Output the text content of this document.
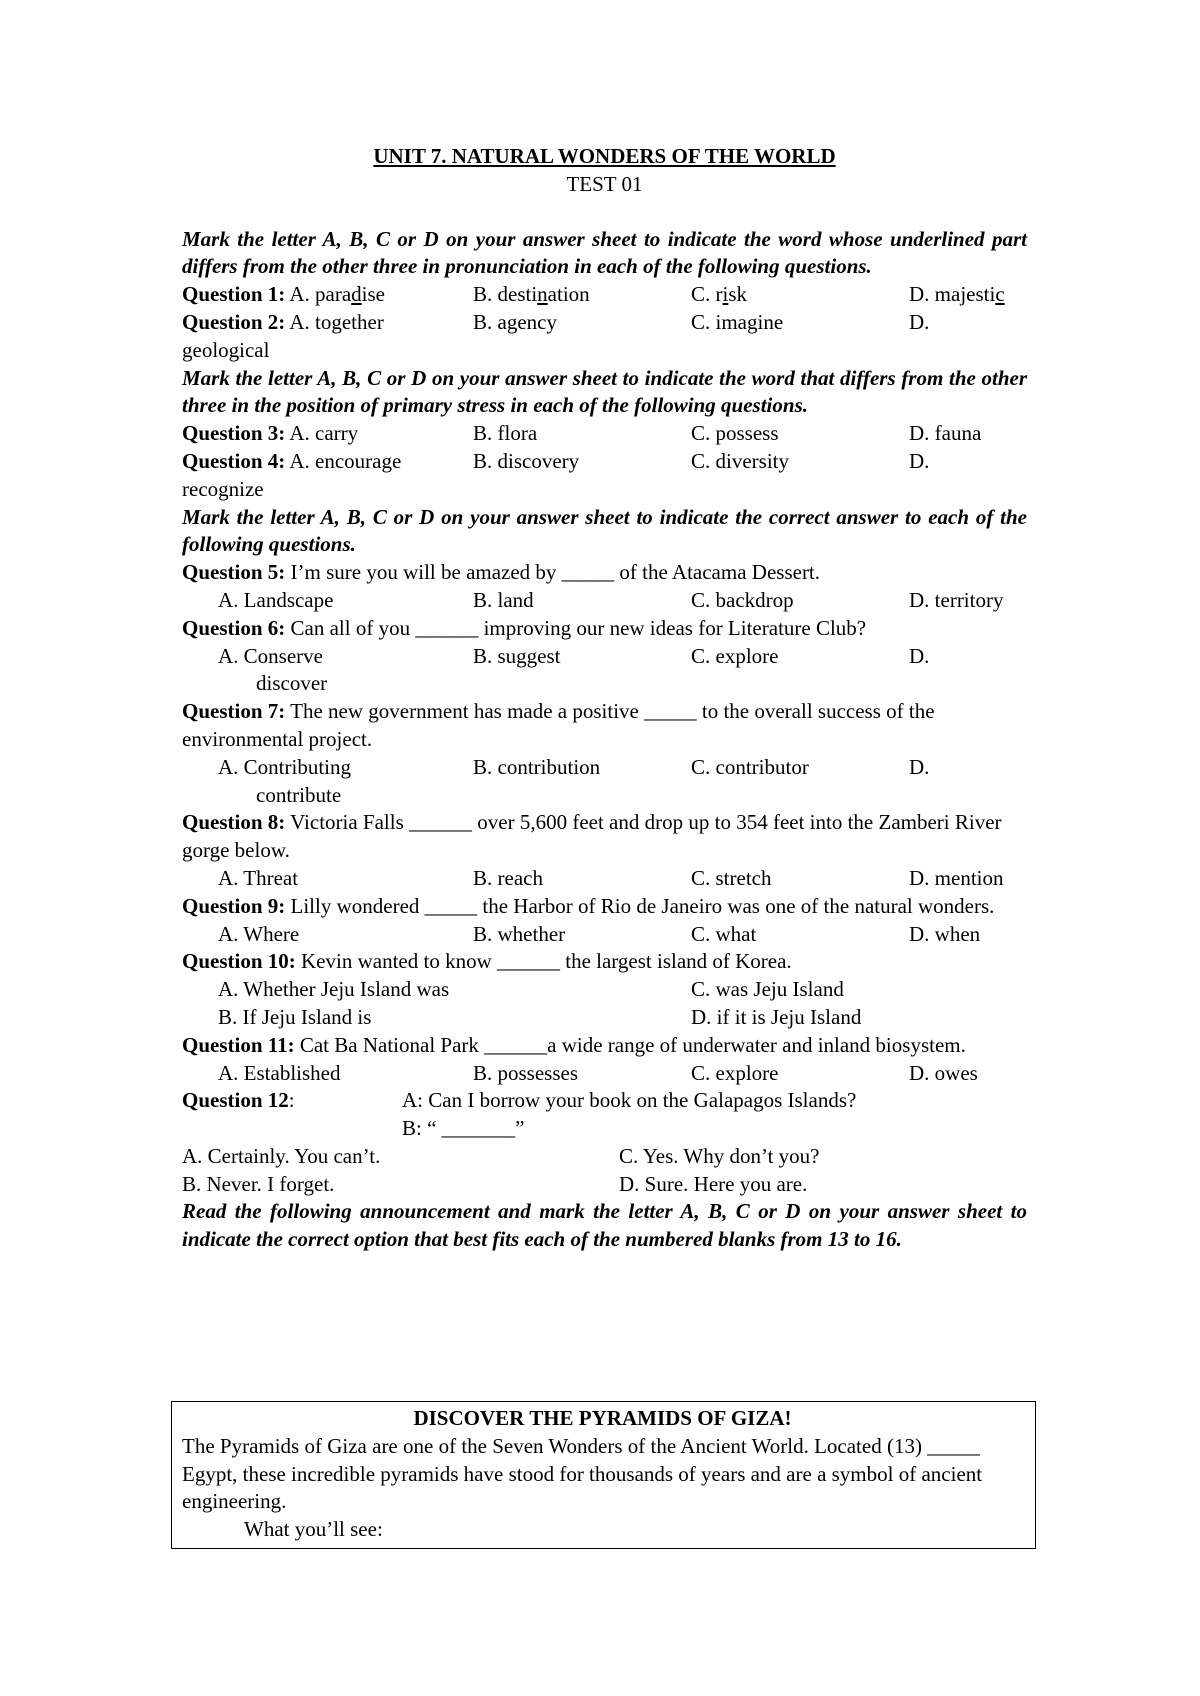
UNIT 7. NATURAL WONDERS OF THE WORLD
TEST 01
Mark the letter A, B, C or D on your answer sheet to indicate the word whose underlined part differs from the other three in pronunciation in each of the following questions.
Question 1: A. paradise	B. destination	C. risk	D. majestic
Question 2: A. together	B. agency	C. imagine	D.
geological
Mark the letter A, B, C or D on your answer sheet to indicate the word that differs from the other three in the position of primary stress in each of the following questions.
Question 3: A. carry	B. flora	C. possess	D. fauna
Question 4: A. encourage	B. discovery	C. diversity	D.
recognize
Mark the letter A, B, C or D on your answer sheet to indicate the correct answer to each of the following questions.
Question 5: I’m sure you will be amazed by _____ of the Atacama Dessert.
A. Landscape	B. land	C. backdrop	D. territory
Question 6: Can all of you ______ improving our new ideas for Literature Club?
A. Conserve	B. suggest	C. explore	D.
discover
Question 7: The new government has made a positive _____ to the overall success of the environmental project.
A. Contributing	B. contribution	C. contributor	D.
contribute
Question 8: Victoria Falls ______ over 5,600 feet and drop up to 354 feet into the Zamberi River gorge below.
A. Threat	B. reach	C. stretch	D. mention
Question 9: Lilly wondered _____ the Harbor of Rio de Janeiro was one of the natural wonders.
A. Where	B. whether	C. what	D. when
Question 10: Kevin wanted to know ______ the largest island of Korea.
A. Whether Jeju Island was	C. was Jeju Island
B. If Jeju Island is	D. if it is Jeju Island
Question 11: Cat Ba National Park ______a wide range of underwater and inland biosystem.
A. Established	B. possesses	C. explore	D. owes
Question 12:	A: Can I borrow your book on the Galapagos Islands?
B: “ _______”
A. Certainly. You can’t.	C. Yes. Why don’t you?
B. Never. I forget.	D. Sure. Here you are.
Read the following announcement and mark the letter A, B, C or D on your answer sheet to indicate the correct option that best fits each of the numbered blanks from 13 to 16.
DISCOVER THE PYRAMIDS OF GIZA!
The Pyramids of Giza are one of the Seven Wonders of the Ancient World. Located (13) _____ Egypt, these incredible pyramids have stood for thousands of years and are a symbol of ancient engineering.
What you’ll see:
